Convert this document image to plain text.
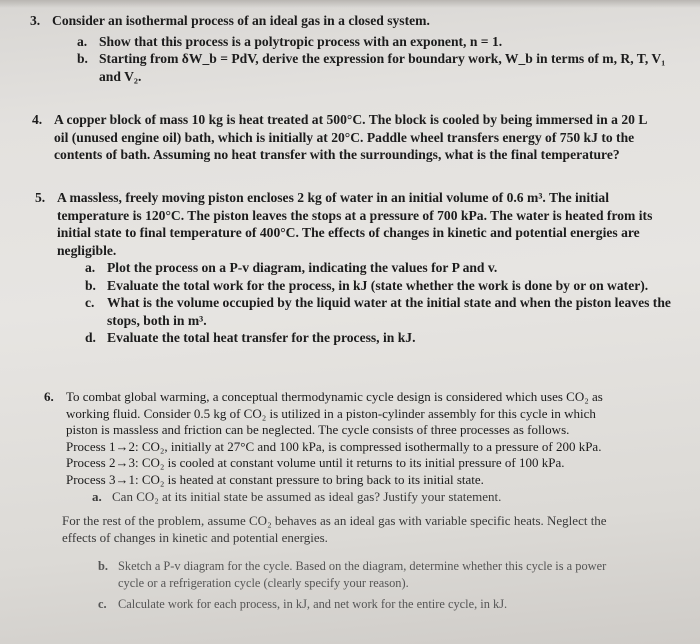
3. Consider an isothermal process of an ideal gas in a closed system.
a. Show that this process is a polytropic process with an exponent, n = 1.
b. Starting from δW_b = PdV, derive the expression for boundary work, W_b in terms of m, R, T, V₁
and V₂.
4. A copper block of mass 10 kg is heat treated at 500°C. The block is cooled by being immersed in a 20 L
oil (unused engine oil) bath, which is initially at 20°C. Paddle wheel transfers energy of 750 kJ to the
contents of bath. Assuming no heat transfer with the surroundings, what is the final temperature?
5. A massless, freely moving piston encloses 2 kg of water in an initial volume of 0.6 m³. The initial
temperature is 120°C. The piston leaves the stops at a pressure of 700 kPa. The water is heated from its
initial state to final temperature of 400°C. The effects of changes in kinetic and potential energies are
negligible.
a. Plot the process on a P-v diagram, indicating the values for P and v.
b. Evaluate the total work for the process, in kJ (state whether the work is done by or on water).
c. What is the volume occupied by the liquid water at the initial state and when the piston leaves the
stops, both in m³.
d. Evaluate the total heat transfer for the process, in kJ.
6. To combat global warming, a conceptual thermodynamic cycle design is considered which uses CO₂ as
working fluid. Consider 0.5 kg of CO₂ is utilized in a piston-cylinder assembly for this cycle in which
piston is massless and friction can be neglected. The cycle consists of three processes as follows.
Process 1→2: CO₂, initially at 27°C and 100 kPa, is compressed isothermally to a pressure of 200 kPa.
Process 2→3: CO₂ is cooled at constant volume until it returns to its initial pressure of 100 kPa.
Process 3→1: CO₂ is heated at constant pressure to bring back to its initial state.
a. Can CO₂ at its initial state be assumed as ideal gas? Justify your statement.
For the rest of the problem, assume CO₂ behaves as an ideal gas with variable specific heats. Neglect the
effects of changes in kinetic and potential energies.
b. Sketch a P-v diagram for the cycle. Based on the diagram, determine whether this cycle is a power
cycle or a refrigeration cycle (clearly specify your reason).
c. Calculate work for each process, in kJ, and net work for the entire cycle, in kJ.
